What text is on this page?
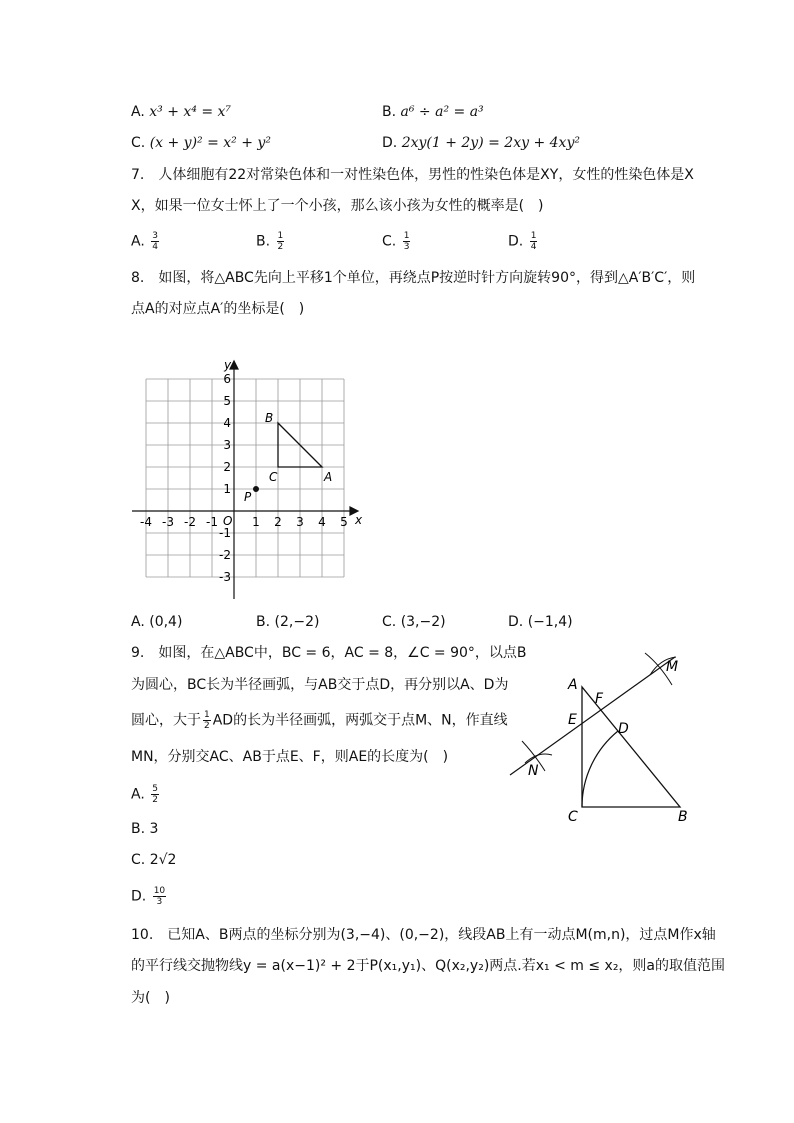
A. x³ + x⁴ = x⁷	B. a⁶ ÷ a² = a³
C. (x + y)² = x² + y²	D. 2xy(1 + 2y) = 2xy + 4xy²
7.　人体细胞有22对常染色体和一对性染色体，男性的性染色体是XY，女性的性染色体是X
X，如果一位女士怀上了一个小孩，那么该小孩为女性的概率是(　)
A. $\frac{3}{4}$	B. $\frac{1}{2}$	C. $\frac{1}{3}$	D. $\frac{1}{4}$
8.　如图，将△ABC先向上平移1个单位，再绕点P按逆时针方向旋转90°，得到△A′B′C′，则
点A的对应点A′的坐标是(　)
x
y
O
-4 -3 -2 -1	1 2 3 4 5
6
5
4
3
2
1
-1
-2
-3
A
B
C
P
A. (0,4)	B. (2,−2)	C. (3,−2)	D. (−1,4)
9.　如图，在△ABC中，BC = 6，AC = 8，∠C = 90°，以点B
为圆心，BC长为半径画弧，与AB交于点D，再分别以A、D为
圆心，大于 $\frac{1}{2}$ AD的长为半径画弧，两弧交于点M、N，作直线
MN，分别交AC、AB于点E、F，则AE的长度为(　)
A
B
C
D
E
F
M
N
A. $\frac{5}{2}$
B. 3
C. 2√2
D. $\frac{10}{3}$
10.　已知A、B两点的坐标分别为(3,−4)、(0,−2)，线段AB上有一动点M(m,n)，过点M作x轴
的平行线交抛物线y = a(x−1)² + 2于P(x₁,y₁)、Q(x₂,y₂)两点.若x₁ < m ≤ x₂，则a的取值范围
为(　)
